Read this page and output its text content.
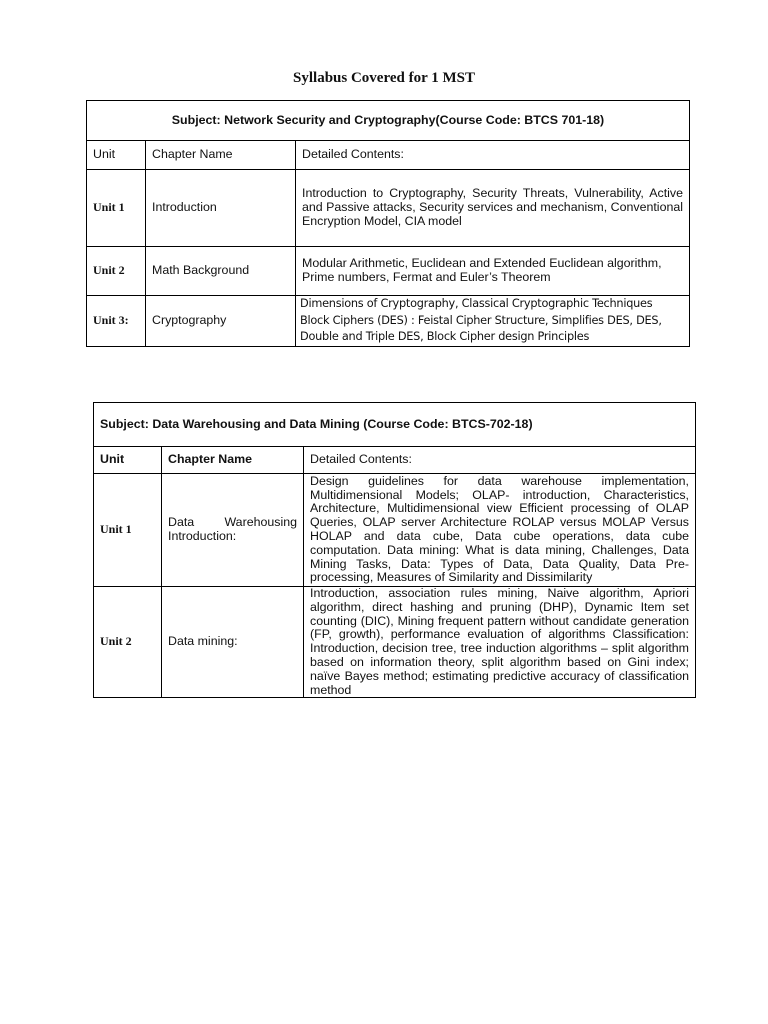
Syllabus Covered for 1 MST
Subject: Network Security and Cryptography(Course Code: BTCS 701-18)		
Unit	Chapter Name	Detailed Contents:
Unit 1	Introduction	Introduction to Cryptography, Security Threats, Vulnerability, Active and Passive attacks, Security services and mechanism, Conventional Encryption Model, CIA model
Unit 2	Math Background	Modular Arithmetic, Euclidean and Extended Euclidean algorithm, Prime numbers, Fermat and Euler’s Theorem
Unit 3:	Cryptography	Dimensions of Cryptography, Classical Cryptographic Techniques
Block Ciphers (DES) : Feistal Cipher Structure, Simplifies DES, DES,
Double and Triple DES, Block Cipher design Principles
Subject: Data Warehousing and Data Mining (Course Code: BTCS-702-18)		
Unit	Chapter Name	Detailed Contents:
Unit 1	Data Warehousing Introduction:	Design guidelines for data warehouse implementation, Multidimensional Models; OLAP- introduction, Characteristics, Architecture, Multidimensional view Efficient processing of OLAP Queries, OLAP server Architecture ROLAP versus MOLAP Versus HOLAP and data cube, Data cube operations, data cube computation. Data mining: What is data mining, Challenges, Data Mining Tasks, Data: Types of Data, Data Quality, Data Pre-processing, Measures of Similarity and Dissimilarity
Unit 2	Data mining:	Introduction, association rules mining, Naive algorithm, Apriori algorithm, direct hashing and pruning (DHP), Dynamic Item set counting (DIC), Mining frequent pattern without candidate generation (FP, growth), performance evaluation of algorithms Classification: Introduction, decision tree, tree induction algorithms – split algorithm based on information theory, split algorithm based on Gini index; naïve Bayes method; estimating predictive accuracy of classification method
